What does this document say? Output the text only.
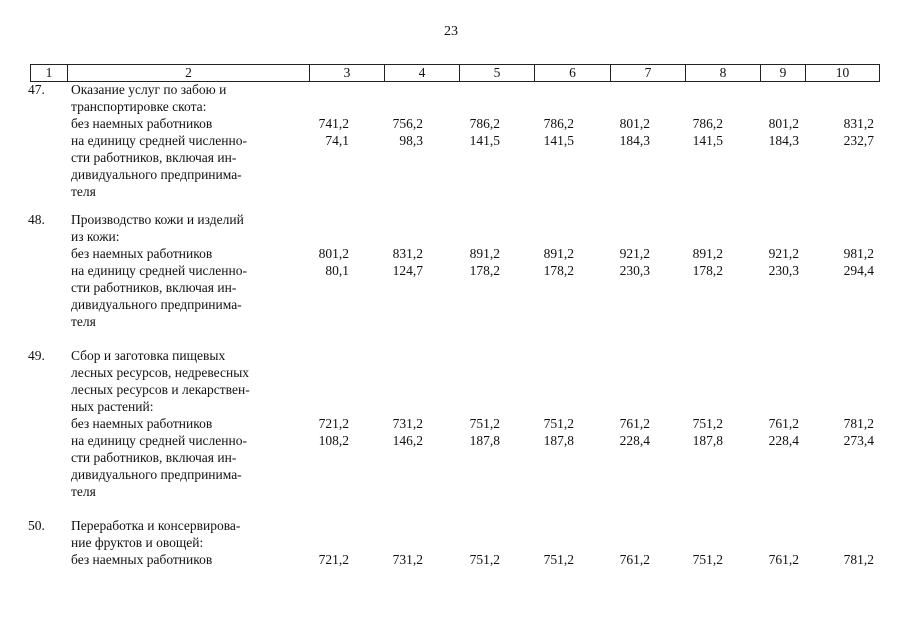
23
1	2	3	4	5	6	7	8	9	10
47.	Оказание услуг по забою и
транспортировке скота:
без наемных работников	741,2	756,2	786,2	786,2	801,2	786,2	801,2	831,2
на единицу средней численно-	74,1	98,3	141,5	141,5	184,3	141,5	184,3	232,7
сти работников, включая ин-
дивидуального предпринима-
теля
48.	Производство кожи и изделий
из кожи:
без наемных работников	801,2	831,2	891,2	891,2	921,2	891,2	921,2	981,2
на единицу средней численно-	80,1	124,7	178,2	178,2	230,3	178,2	230,3	294,4
сти работников, включая ин-
дивидуального предпринима-
теля
49.	Сбор и заготовка пищевых
лесных ресурсов, недревесных
лесных ресурсов и лекарствен-
ных растений:
без наемных работников	721,2	731,2	751,2	751,2	761,2	751,2	761,2	781,2
на единицу средней численно-	108,2	146,2	187,8	187,8	228,4	187,8	228,4	273,4
сти работников, включая ин-
дивидуального предпринима-
теля
50.	Переработка и консервирова-
ние фруктов и овощей:
без наемных работников	721,2	731,2	751,2	751,2	761,2	751,2	761,2	781,2
